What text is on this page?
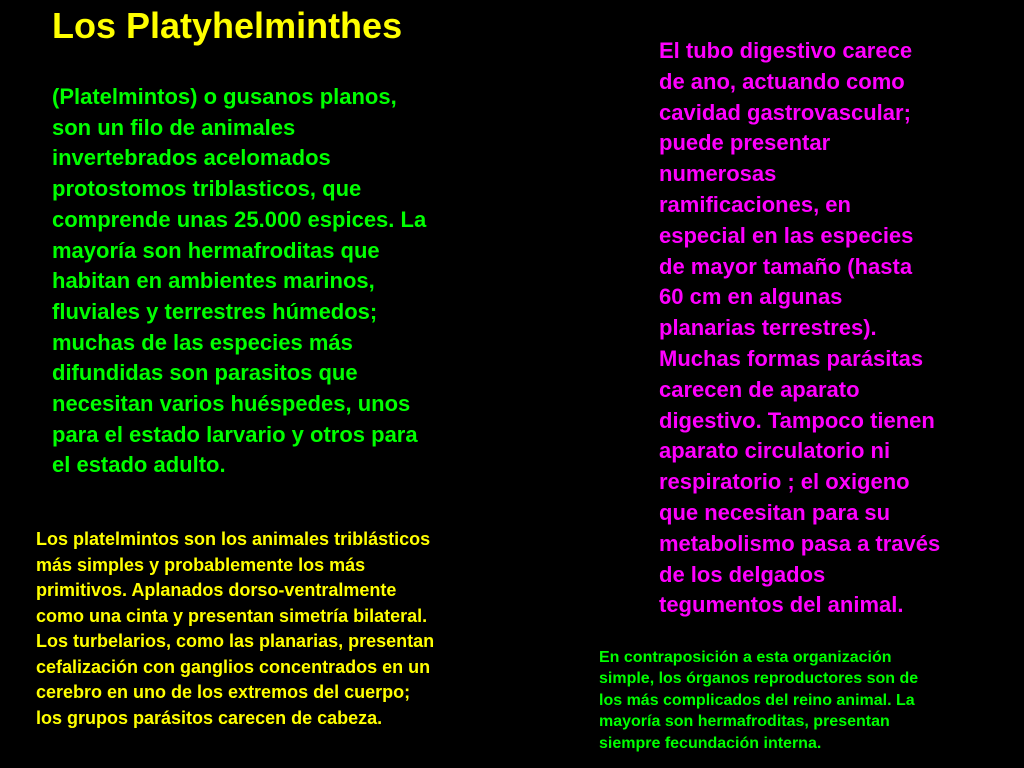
Los Platyhelminthes

(Platelmintos) o gusanos planos,
son un filo de animales
invertebrados acelomados
protostomos triblasticos, que
comprende unas 25.000 espices. La
mayoría son hermafroditas que
habitan en ambientes marinos,
fluviales y terrestres húmedos;
muchas de las especies más
difundidas son parasitos que
necesitan varios huéspedes, unos
para el estado larvario y otros para
el estado adulto.

El tubo digestivo carece
de ano, actuando como
cavidad gastrovascular;
puede presentar
numerosas
ramificaciones, en
especial en las especies
de mayor tamaño (hasta
60 cm en algunas
planarias terrestres).
Muchas formas parásitas
carecen de aparato
digestivo. Tampoco tienen
aparato circulatorio ni
respiratorio ; el oxigeno
que necesitan para su
metabolismo pasa a través
de los delgados
tegumentos del animal.

Los platelmintos son los animales triblásticos
más simples y probablemente los más
primitivos. Aplanados dorso-ventralmente
como una cinta y presentan simetría bilateral.
Los turbelarios, como las planarias, presentan
cefalización con ganglios concentrados en un
cerebro en uno de los extremos del cuerpo;
los grupos parásitos carecen de cabeza.

En contraposición a esta organización
simple, los órganos reproductores son de
los más complicados del reino animal. La
mayoría son hermafroditas, presentan
siempre fecundación interna.
